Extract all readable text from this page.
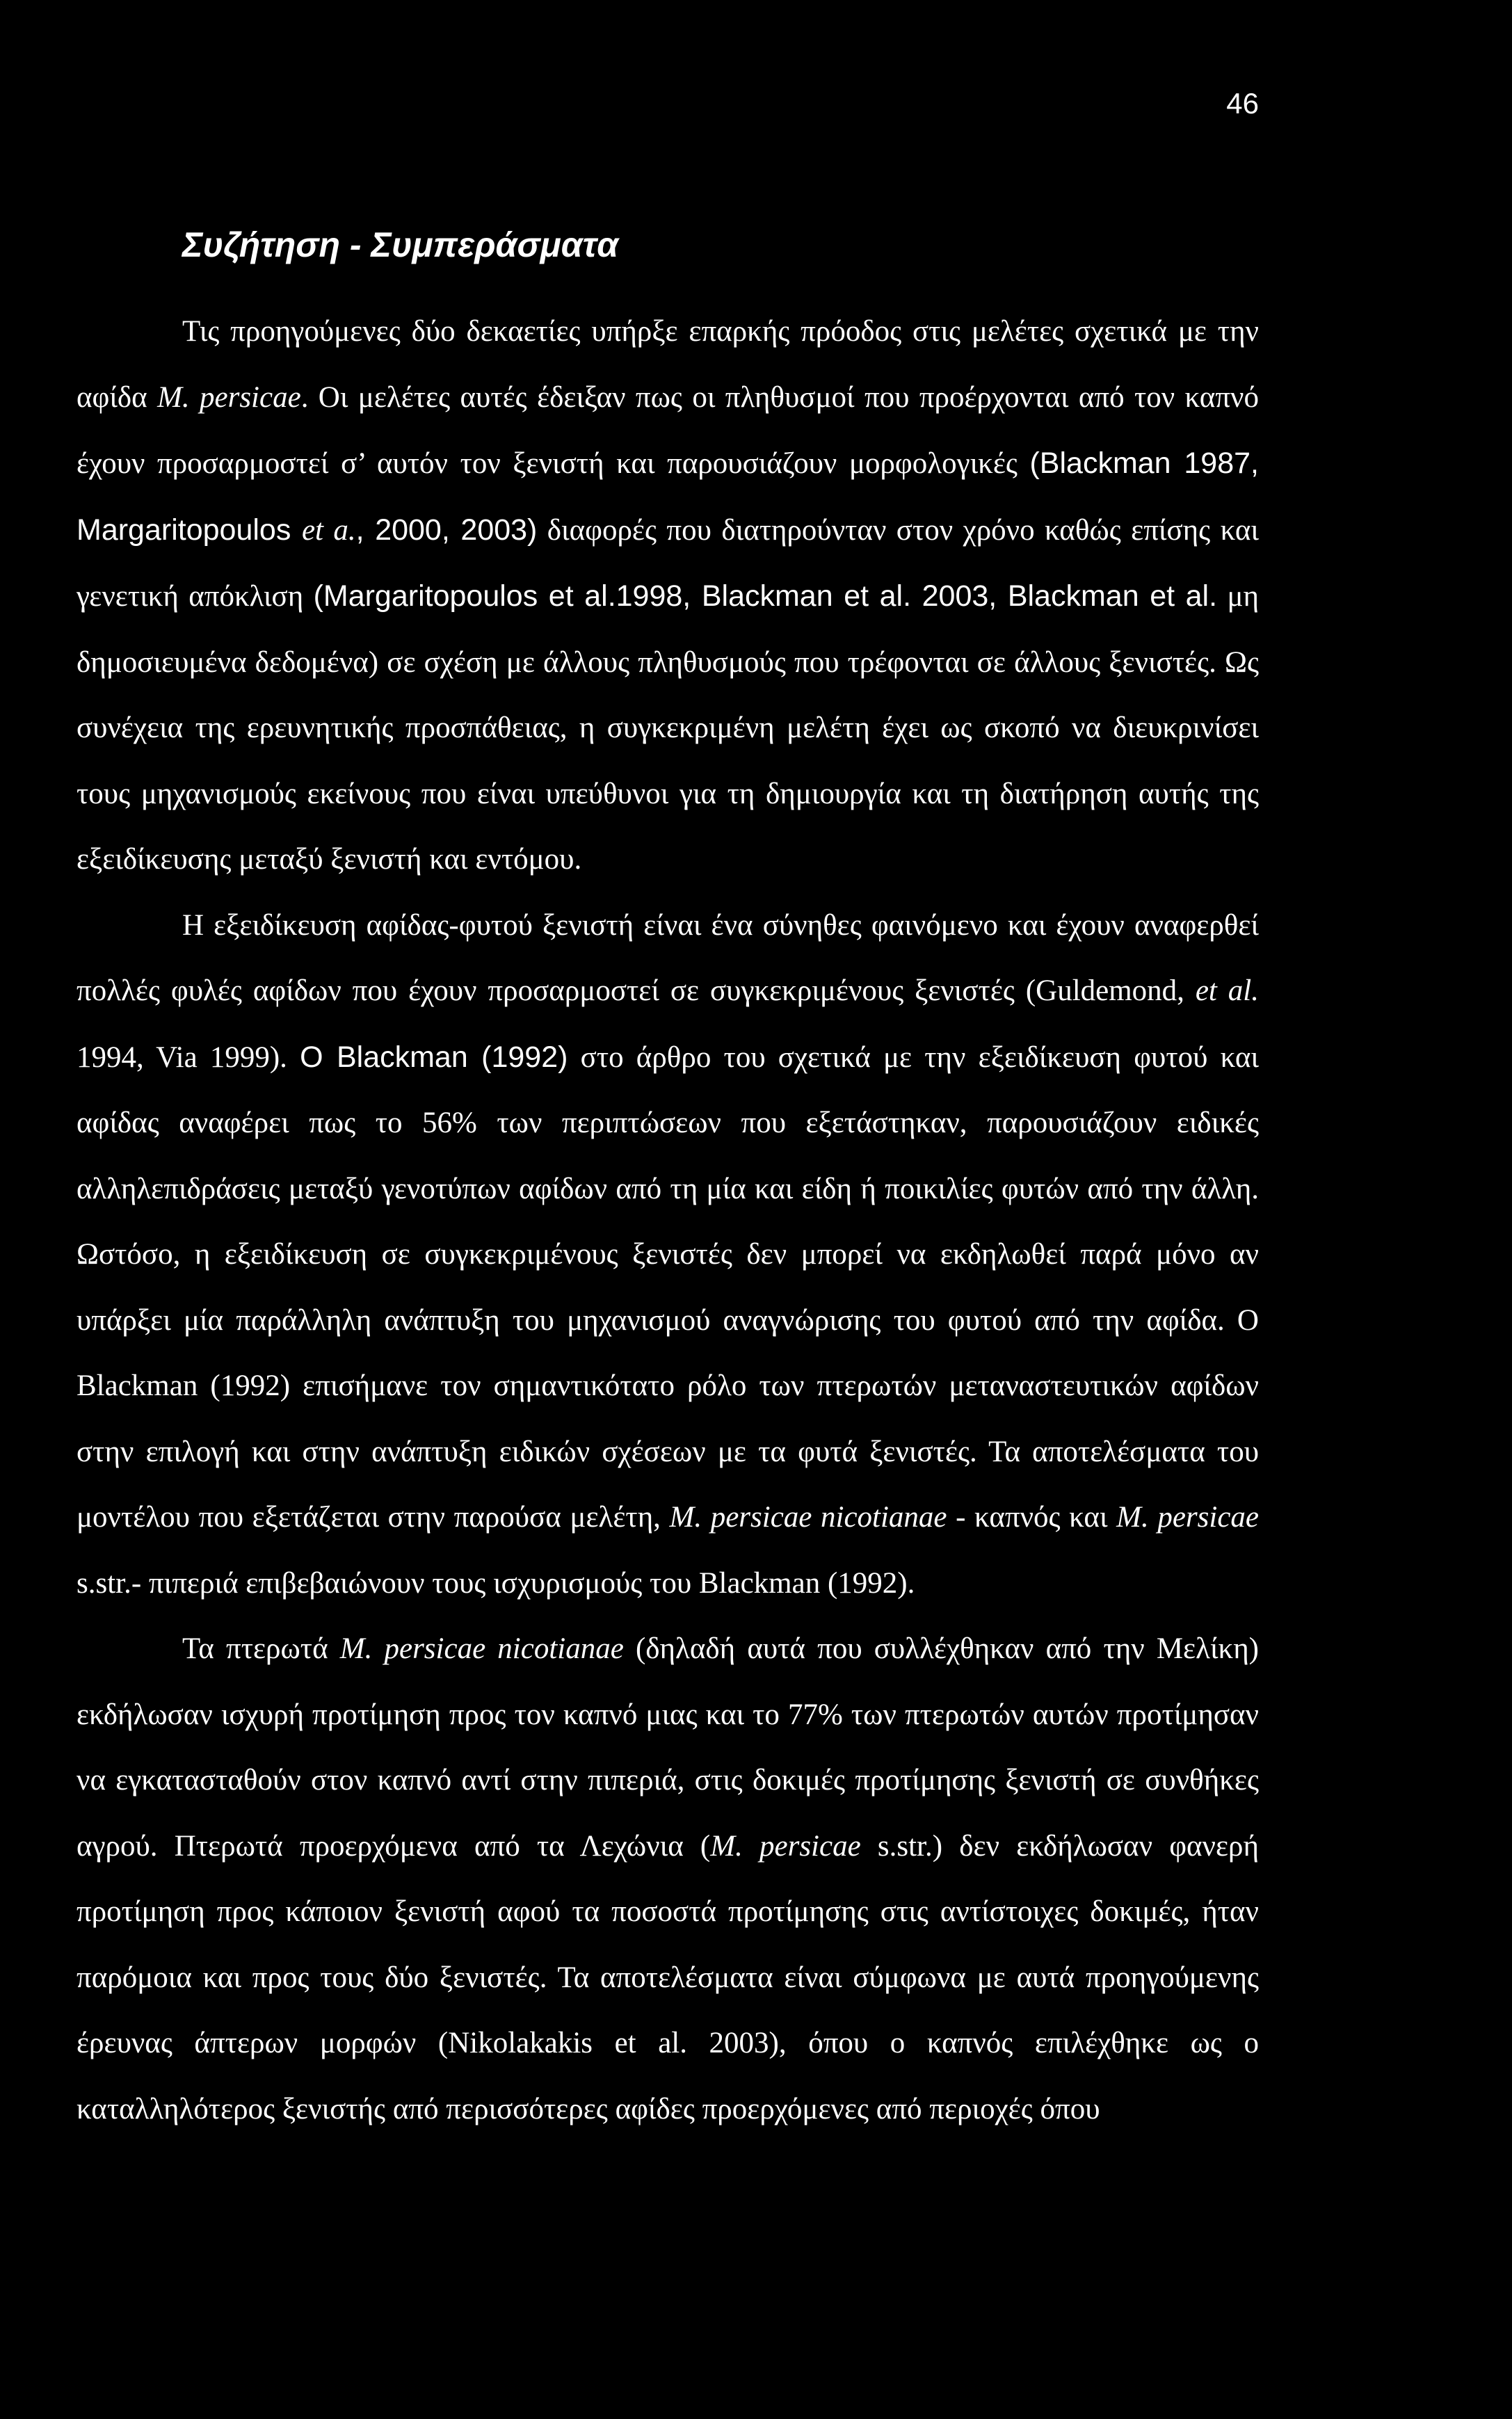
46
Συζήτηση - Συμπεράσματα

Τις προηγούμενες δύο δεκαετίες υπήρξε επαρκής πρόοδος στις μελέτες σχετικά με την αφίδα M. persicae. Οι μελέτες αυτές έδειξαν πως οι πληθυσμοί που προέρχονται από τον καπνό έχουν προσαρμοστεί σ’ αυτόν τον ξενιστή και παρουσιάζουν μορφολογικές (Blackman 1987, Margaritopoulos et a., 2000, 2003) διαφορές που διατηρούνταν στον χρόνο καθώς επίσης και γενετική απόκλιση (Margaritopoulos et al.1998, Blackman et al. 2003, Blackman et al. μη δημοσιευμένα δεδομένα) σε σχέση με άλλους πληθυσμούς που τρέφονται σε άλλους ξενιστές. Ως συνέχεια της ερευνητικής προσπάθειας, η συγκεκριμένη μελέτη έχει ως σκοπό να διευκρινίσει τους μηχανισμούς εκείνους που είναι υπεύθυνοι για τη δημιουργία και τη διατήρηση αυτής της εξειδίκευσης μεταξύ ξενιστή και εντόμου.

Η εξειδίκευση αφίδας-φυτού ξενιστή είναι ένα σύνηθες φαινόμενο και έχουν αναφερθεί πολλές φυλές αφίδων που έχουν προσαρμοστεί σε συγκεκριμένους ξενιστές (Guldemond, et al. 1994, Via 1999). Ο Blackman (1992) στο άρθρο του σχετικά με την εξειδίκευση φυτού και αφίδας αναφέρει πως το 56% των περιπτώσεων που εξετάστηκαν, παρουσιάζουν ειδικές αλληλεπιδράσεις μεταξύ γενοτύπων αφίδων από τη μία και είδη ή ποικιλίες φυτών από την άλλη. Ωστόσο, η εξειδίκευση σε συγκεκριμένους ξενιστές δεν μπορεί να εκδηλωθεί παρά μόνο αν υπάρξει μία παράλληλη ανάπτυξη του μηχανισμού αναγνώρισης του φυτού από την αφίδα. Ο Blackman (1992) επισήμανε τον σημαντικότατο ρόλο των πτερωτών μεταναστευτικών αφίδων στην επιλογή και στην ανάπτυξη ειδικών σχέσεων με τα φυτά ξενιστές. Τα αποτελέσματα του μοντέλου που εξετάζεται στην παρούσα μελέτη, M. persicae nicotianae - καπνός και M. persicae s.str.- πιπεριά επιβεβαιώνουν τους ισχυρισμούς του Blackman (1992).

Τα πτερωτά M. persicae nicotianae (δηλαδή αυτά που συλλέχθηκαν από την Μελίκη) εκδήλωσαν ισχυρή προτίμηση προς τον καπνό μιας και το 77% των πτερωτών αυτών προτίμησαν να εγκατασταθούν στον καπνό αντί στην πιπεριά, στις δοκιμές προτίμησης ξενιστή σε συνθήκες αγρού. Πτερωτά προερχόμενα από τα Λεχώνια (M. persicae s.str.) δεν εκδήλωσαν φανερή προτίμηση προς κάποιον ξενιστή αφού τα ποσοστά προτίμησης στις αντίστοιχες δοκιμές, ήταν παρόμοια και προς τους δύο ξενιστές. Τα αποτελέσματα είναι σύμφωνα με αυτά προηγούμενης έρευνας άπτερων μορφών (Nikolakakis et al. 2003), όπου ο καπνός επιλέχθηκε ως ο καταλληλότερος ξενιστής από περισσότερες αφίδες προερχόμενες από περιοχές όπου
